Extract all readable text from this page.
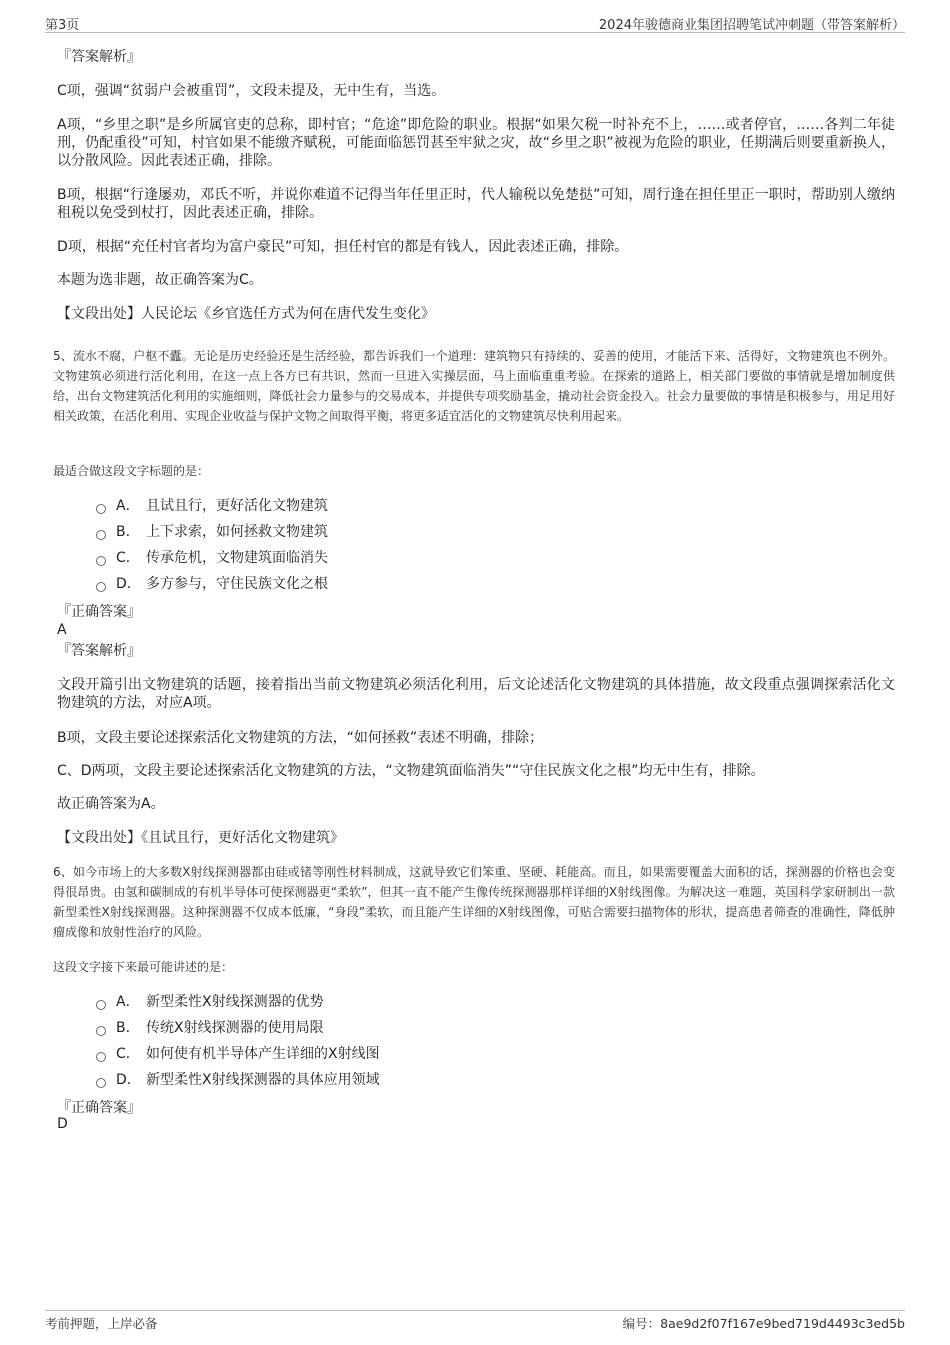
第3页	2024年骏德商业集团招聘笔试冲刺题（带答案解析）
『答案解析』
C项，强调“贫弱户会被重罚”，文段未提及，无中生有，当选。
A项，“乡里之职”是乡所属官吏的总称，即村官；“危途”即危险的职业。根据“如果欠税一时补充不上，……或者停官，……各判二年徒刑，仍配重役”可知，村官如果不能缴齐赋税，可能面临惩罚甚至牢狱之灾，故“乡里之职”被视为危险的职业，任期满后则要重新换人，以分散风险。因此表述正确，排除。
B项，根据“行逢屡劝，邓氏不听，并说你难道不记得当年任里正时，代人输税以免楚挞”可知，周行逢在担任里正一职时，帮助别人缴纳租税以免受到杖打，因此表述正确，排除。
D项，根据“充任村官者均为富户豪民”可知，担任村官的都是有钱人，因此表述正确，排除。
本题为选非题，故正确答案为C。
【文段出处】人民论坛《乡官选任方式为何在唐代发生变化》
5、流水不腐，户枢不蠹。无论是历史经验还是生活经验，都告诉我们一个道理：建筑物只有持续的、妥善的使用，才能活下来、活得好，文物建筑也不例外。文物建筑必须进行活化利用，在这一点上各方已有共识，然而一旦进入实操层面，马上面临重重考验。在探索的道路上，相关部门要做的事情就是增加制度供给，出台文物建筑活化利用的实施细则，降低社会力量参与的交易成本，并提供专项奖励基金，撬动社会资金投入。社会力量要做的事情是积极参与，用足用好相关政策，在活化利用、实现企业收益与保护文物之间取得平衡，将更多适宜活化的文物建筑尽快利用起来。
最适合做这段文字标题的是：
A． 且试且行，更好活化文物建筑
B． 上下求索，如何拯救文物建筑
C． 传承危机，文物建筑面临消失
D． 多方参与，守住民族文化之根
『正确答案』
A
『答案解析』
文段开篇引出文物建筑的话题，接着指出当前文物建筑必须活化利用，后文论述活化文物建筑的具体措施，故文段重点强调探索活化文物建筑的方法，对应A项。
B项，文段主要论述探索活化文物建筑的方法，“如何拯救”表述不明确，排除；
C、D两项，文段主要论述探索活化文物建筑的方法，“文物建筑面临消失”“守住民族文化之根”均无中生有，排除。
故正确答案为A。
【文段出处】《且试且行，更好活化文物建筑》
6、如今市场上的大多数X射线探测器都由硅或锗等刚性材料制成，这就导致它们笨重、坚硬、耗能高。而且，如果需要覆盖大面积的话，探测器的价格也会变得很昂贵。由氢和碳制成的有机半导体可使探测器更“柔软”，但其一直不能产生像传统探测器那样详细的X射线图像。为解决这一难题，英国科学家研制出一款新型柔性X射线探测器。这种探测器不仅成本低廉，“身段”柔软，而且能产生详细的X射线图像，可贴合需要扫描物体的形状，提高患者筛查的准确性，降低肿瘤成像和放射性治疗的风险。
这段文字接下来最可能讲述的是：
A． 新型柔性X射线探测器的优势
B． 传统X射线探测器的使用局限
C． 如何使有机半导体产生详细的X射线图
D． 新型柔性X射线探测器的具体应用领域
『正确答案』
D
考前押题，上岸必备	编号：8ae9d2f07f167e9bed719d4493c3ed5b
